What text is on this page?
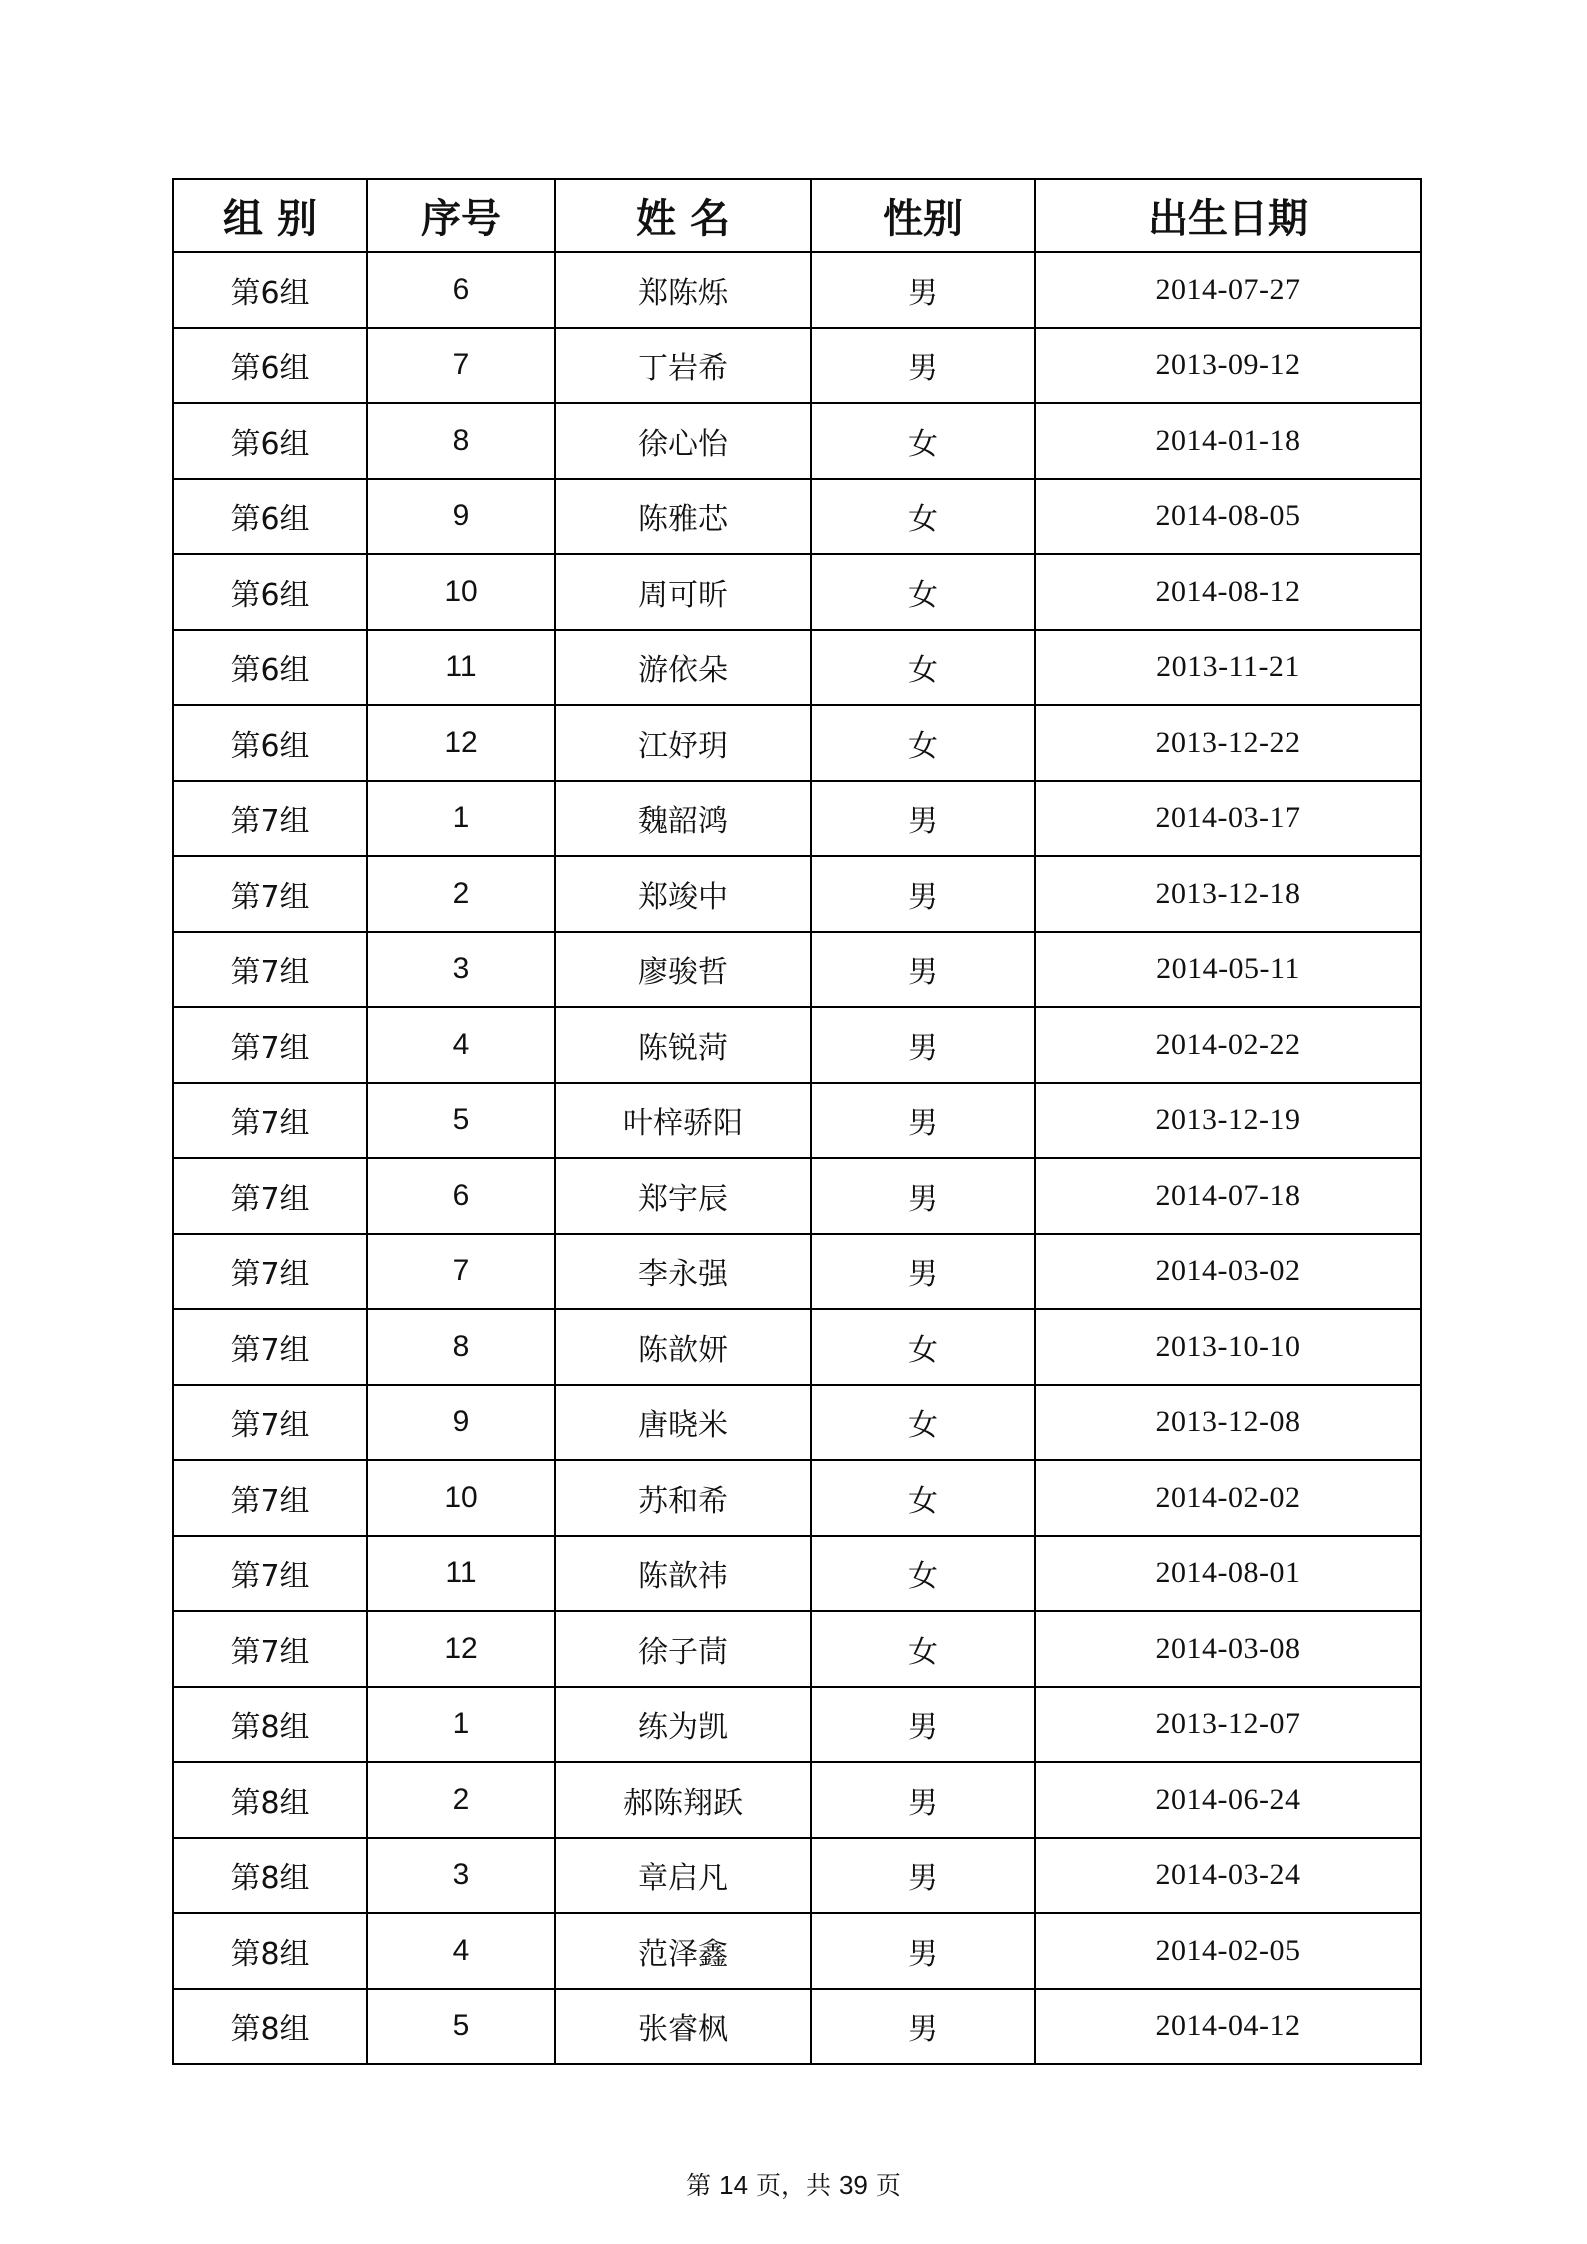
组 别	序号	姓 名	性别	出生日期
第6组	6	郑陈烁	男	2014-07-27
第6组	7	丁岩希	男	2013-09-12
第6组	8	徐心怡	女	2014-01-18
第6组	9	陈雅芯	女	2014-08-05
第6组	10	周可昕	女	2014-08-12
第6组	11	游依朵	女	2013-11-21
第6组	12	江妤玥	女	2013-12-22
第7组	1	魏韶鸿	男	2014-03-17
第7组	2	郑竣中	男	2013-12-18
第7组	3	廖骏哲	男	2014-05-11
第7组	4	陈锐菏	男	2014-02-22
第7组	5	叶梓骄阳	男	2013-12-19
第7组	6	郑宇辰	男	2014-07-18
第7组	7	李永强	男	2014-03-02
第7组	8	陈歆妍	女	2013-10-10
第7组	9	唐晓米	女	2013-12-08
第7组	10	苏和希	女	2014-02-02
第7组	11	陈歆祎	女	2014-08-01
第7组	12	徐子茼	女	2014-03-08
第8组	1	练为凯	男	2013-12-07
第8组	2	郝陈翔跃	男	2014-06-24
第8组	3	章启凡	男	2014-03-24
第8组	4	范泽鑫	男	2014-02-05
第8组	5	张睿枫	男	2014-04-12
第 14 页，共 39 页
